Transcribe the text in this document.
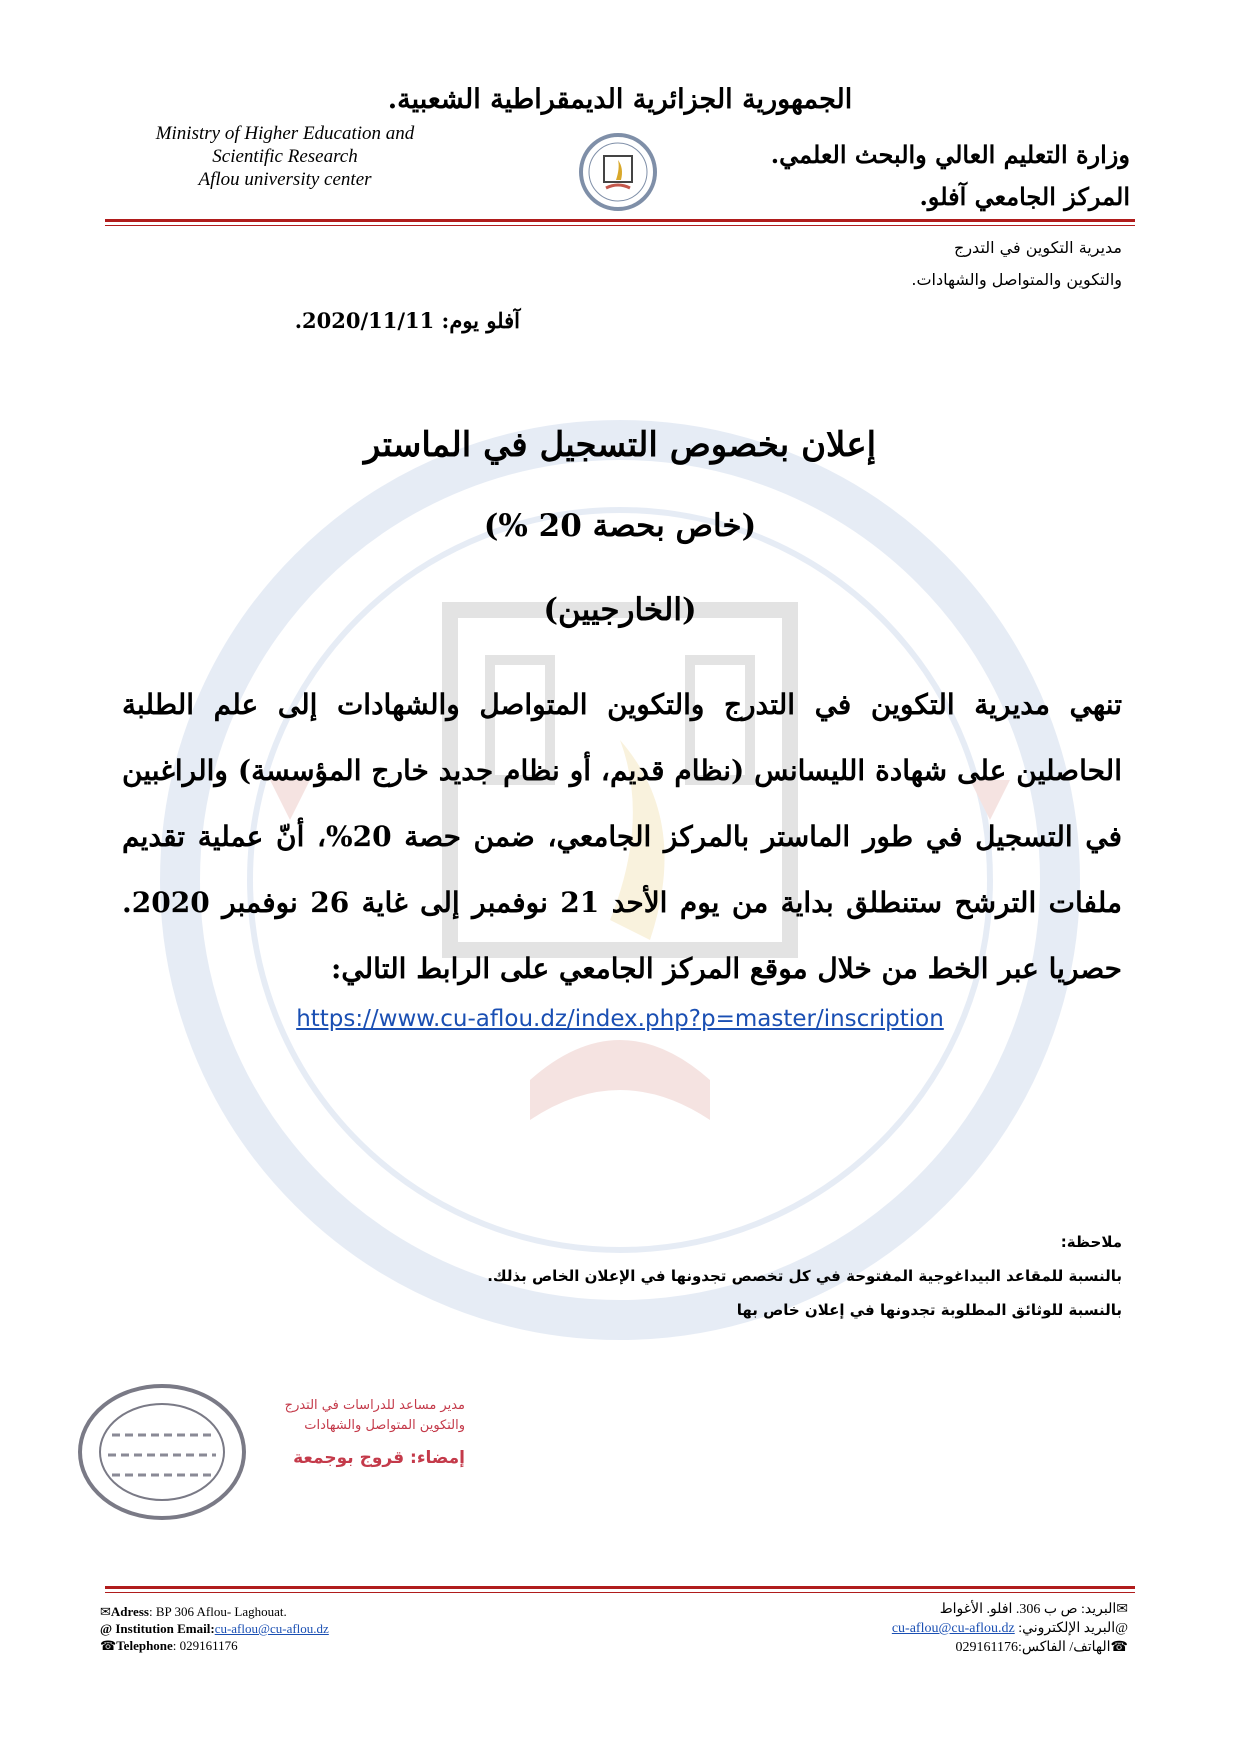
الجمهورية الجزائرية الديمقراطية الشعبية.
Ministry of Higher Education and
Scientific Research
Aflou university center
وزارة التعليم العالي والبحث العلمي.
المركز الجامعي آفلو.
مديرية التكوين في التدرج
والتكوين والمتواصل والشهادات.
آفلو يوم: 2020/11/11.
إعلان بخصوص التسجيل في الماستر
(خاص بحصة 20 %)
(الخارجيين)
تنهي مديرية التكوين في التدرج والتكوين المتواصل والشهادات إلى علم الطلبة الحاصلين على شهادة الليسانس (نظام قديم، أو نظام جديد خارج المؤسسة) والراغبين في التسجيل في طور الماستر بالمركز الجامعي، ضمن حصة 20%، أنّ عملية تقديم ملفات الترشح ستنطلق بداية من يوم الأحد 21 نوفمبر إلى غاية 26 نوفمبر 2020. حصريا عبر الخط من خلال موقع المركز الجامعي على الرابط التالي:
https://www.cu-aflou.dz/index.php?p=master/inscription
ملاحظة:
بالنسبة للمقاعد البيداغوجية المفتوحة في كل تخصص تجدونها في الإعلان الخاص بذلك.
بالنسبة للوثائق المطلوبة تجدونها في إعلان خاص بها
مدير مساعد للدراسات في التدرج
والتكوين المتواصل والشهادات
إمضاء: قروج بوجمعة
✉Adress: BP 306 Aflou- Laghouat.
@ Institution Email:cu-aflou@cu-aflou.dz
☎Telephone: 029161176
✉البريد: ص ب 306. افلو. الأغواط
@البريد الإلكتروني: cu-aflou@cu-aflou.dz
☎الهاتف/ الفاكس:029161176
